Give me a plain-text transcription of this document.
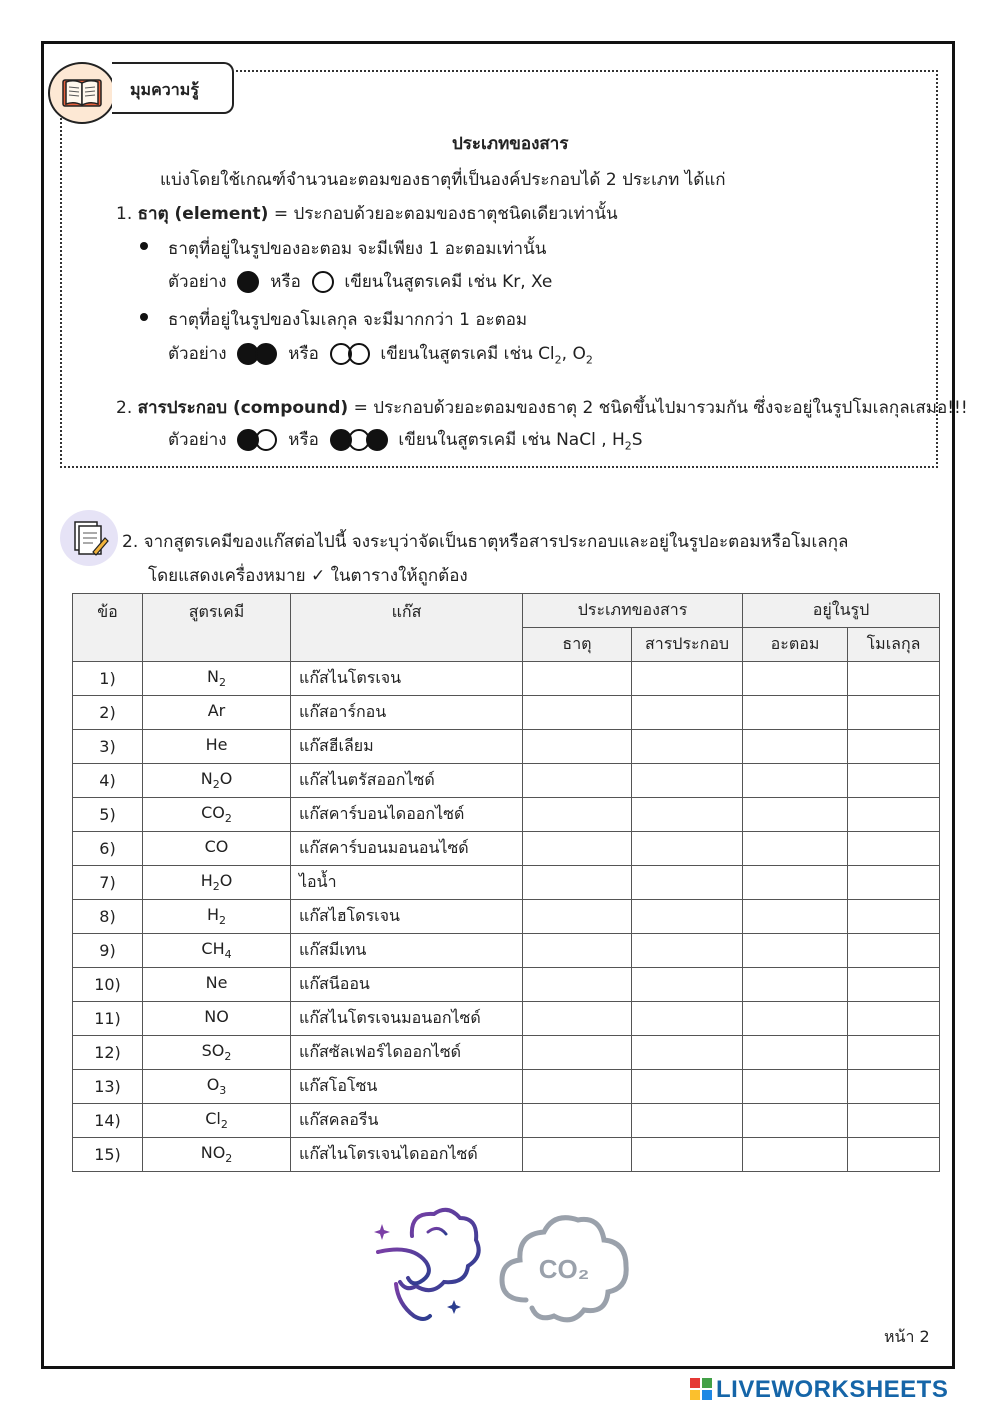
มุมความรู้
ประเภทของสาร
แบ่งโดยใช้เกณฑ์จำนวนอะตอมของธาตุที่เป็นองค์ประกอบได้ 2 ประเภท ได้แก่
1. ธาตุ (element) = ประกอบด้วยอะตอมของธาตุชนิดเดียวเท่านั้น
ธาตุที่อยู่ในรูปของอะตอม จะมีเพียง 1 อะตอมเท่านั้น
ตัวอย่าง	หรือ	เขียนในสูตรเคมี เช่น Kr, Xe
ธาตุที่อยู่ในรูปของโมเลกุล จะมีมากกว่า 1 อะตอม
ตัวอย่าง	หรือ	เขียนในสูตรเคมี เช่น $Cl_2$, $O_2$
2. สารประกอบ (compound) = ประกอบด้วยอะตอมของธาตุ 2 ชนิดขึ้นไปมารวมกัน ซึ่งจะอยู่ในรูปโมเลกุลเสมอ!!!
ตัวอย่าง	หรือ	เขียนในสูตรเคมี เช่น NaCl , $H_2S$
2. จากสูตรเคมีของแก๊สต่อไปนี้ จงระบุว่าจัดเป็นธาตุหรือสารประกอบและอยู่ในรูปอะตอมหรือโมเลกุล
โดยแสดงเครื่องหมาย ✓ ในตารางให้ถูกต้อง
ข้อ	สูตรเคมี	แก๊ส	ประเภทของสาร		อยู่ในรูป	
			ธาตุ	สารประกอบ	อะตอม	โมเลกุล
1)	$N_2$	แก๊สไนโตรเจน				
2)	Ar	แก๊สอาร์กอน				
3)	He	แก๊สฮีเลียม				
4)	$N_2O$	แก๊สไนตรัสออกไซด์				
5)	$CO_2$	แก๊สคาร์บอนไดออกไซด์				
6)	CO	แก๊สคาร์บอนมอนอนไซด์				
7)	$H_2O$	ไอน้ำ				
8)	$H_2$	แก๊สไฮโดรเจน				
9)	$CH_4$	แก๊สมีเทน				
10)	Ne	แก๊สนีออน				
11)	NO	แก๊สไนโตรเจนมอนอกไซด์				
12)	$SO_2$	แก๊สซัลเฟอร์ไดออกไซด์				
13)	$O_3$	แก๊สโอโซน				
14)	$Cl_2$	แก๊สคลอรีน				
15)	$NO_2$	แก๊สไนโตรเจนไดออกไซด์				
CO₂
หน้า 2
LIVEWORKSHEETS
